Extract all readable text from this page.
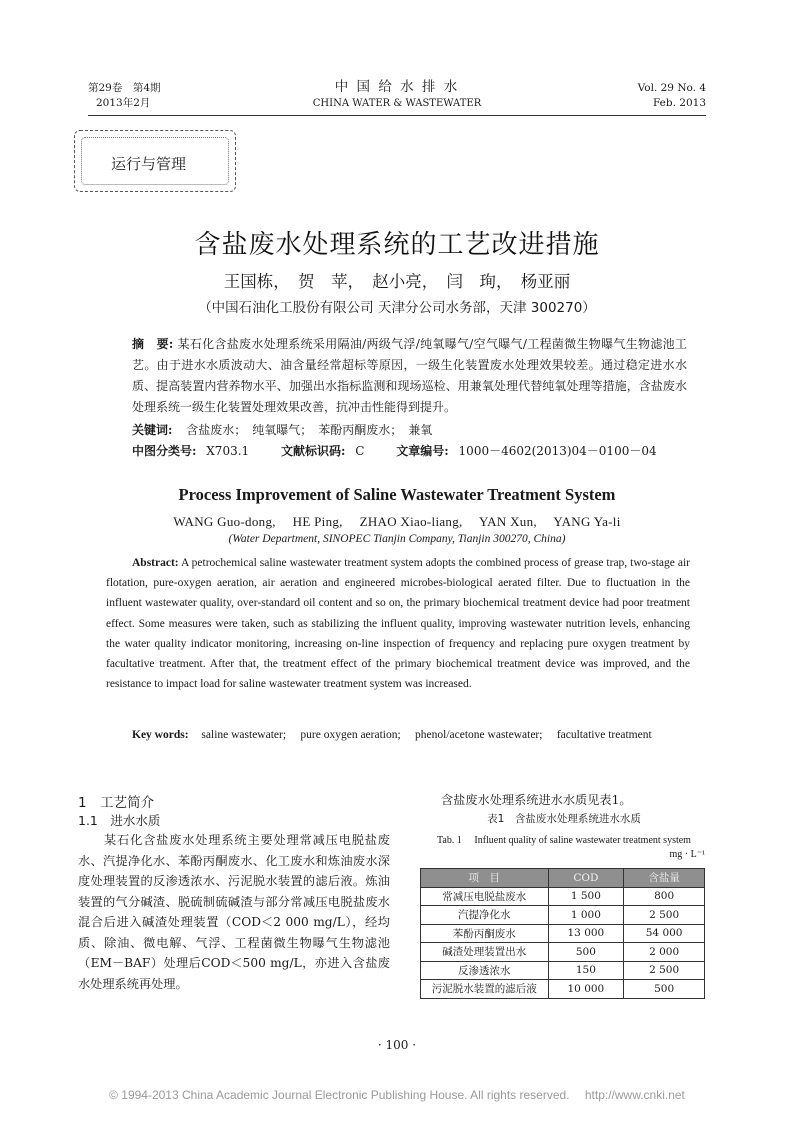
第29卷　第4期
2013年2月
中 国 给 水 排 水
CHINA WATER & WASTEWATER
Vol. 29 No. 4
Feb. 2013
运行与管理
含盐废水处理系统的工艺改进措施
王国栋，　贺　苹，　赵小亮，　闫　珣，　杨亚丽
（中国石油化工股份有限公司 天津分公司水务部，天津 300270）
摘　要: 某石化含盐废水处理系统采用隔油/两级气浮/纯氧曝气/空气曝气/工程菌微生物曝气生物滤池工艺。由于进水水质波动大、油含量经常超标等原因，一级生化装置废水处理效果较差。通过稳定进水水质、提高装置内营养物水平、加强出水指标监测和现场巡检、用兼氧处理代替纯氧处理等措施，含盐废水处理系统一级生化装置处理效果改善，抗冲击性能得到提升。
关键词: 含盐废水；　纯氧曝气；　苯酚丙酮废水；　兼氧
中图分类号: X703.1	文献标识码: C	文章编号: 1000－4602(2013)04－0100－04
Process Improvement of Saline Wastewater Treatment System
WANG Guo-dong,　 HE Ping,　 ZHAO Xiao-liang,　 YAN Xun,　 YANG Ya-li
(Water Department, SINOPEC Tianjin Company, Tianjin 300270, China)
Abstract: A petrochemical saline wastewater treatment system adopts the combined process of grease trap, two-stage air flotation, pure-oxygen aeration, air aeration and engineered microbes-biological aerated filter. Due to fluctuation in the influent wastewater quality, over-standard oil content and so on, the primary biochemical treatment device had poor treatment effect. Some measures were taken, such as stabilizing the influent quality, improving wastewater nutrition levels, enhancing the water quality indicator monitoring, increasing on-line inspection of frequency and replacing pure oxygen treatment by facultative treatment. After that, the treatment effect of the primary biochemical treatment device was improved, and the resistance to impact load for saline wastewater treatment system was increased.
Key words: saline wastewater;　 pure oxygen aeration;　 phenol/acetone wastewater;　 facultative treatment
1　工艺简介
1.1　进水水质
某石化含盐废水处理系统主要处理常减压电脱盐废水、汽提净化水、苯酚丙酮废水、化工废水和炼油废水深度处理装置的反渗透浓水、污泥脱水装置的滤后液。炼油装置的气分碱渣、脱硫制硫碱渣与部分常减压电脱盐废水混合后进入碱渣处理装置（COD＜2 000 mg/L），经均质、除油、微电解、气浮、工程菌微生物曝气生物滤池（EM－BAF）处理后COD＜500 mg/L，亦进入含盐废水处理系统再处理。
含盐废水处理系统进水水质见表1。
表1　含盐废水处理系统进水水质
Tab. 1　 Influent quality of saline wastewater treatment system
mg · L⁻¹
项　目	COD	含盐量
常减压电脱盐废水	1 500	800
汽提净化水	1 000	2 500
苯酚丙酮废水	13 000	54 000
碱渣处理装置出水	500	2 000
反渗透浓水	150	2 500
污泥脱水装置的滤后液	10 000	500
· 100 ·
© 1994-2013 China Academic Journal Electronic Publishing House. All rights reserved.　 http://www.cnki.net
